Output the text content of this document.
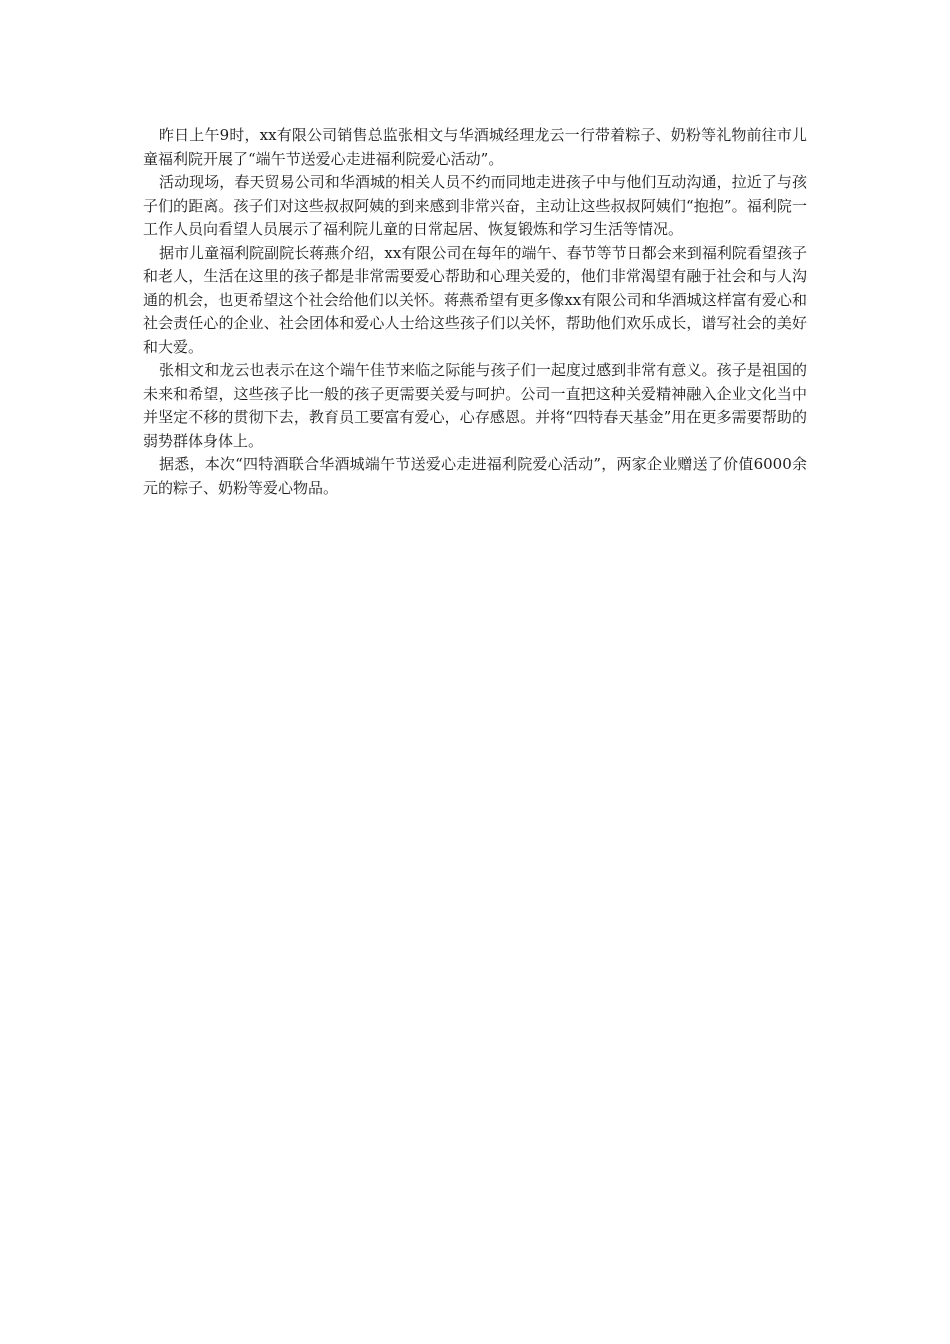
昨日上午9时，xx有限公司销售总监张相文与华酒城经理龙云一行带着粽子、奶粉等礼物前往市儿童福利院开展了“端午节送爱心走进福利院爱心活动”。

活动现场，春天贸易公司和华酒城的相关人员不约而同地走进孩子中与他们互动沟通，拉近了与孩子们的距离。孩子们对这些叔叔阿姨的到来感到非常兴奋，主动让这些叔叔阿姨们“抱抱”。福利院一工作人员向看望人员展示了福利院儿童的日常起居、恢复锻炼和学习生活等情况。

据市儿童福利院副院长蒋燕介绍，xx有限公司在每年的端午、春节等节日都会来到福利院看望孩子和老人，生活在这里的孩子都是非常需要爱心帮助和心理关爱的，他们非常渴望有融于社会和与人沟通的机会，也更希望这个社会给他们以关怀。蒋燕希望有更多像xx有限公司和华酒城这样富有爱心和社会责任心的企业、社会团体和爱心人士给这些孩子们以关怀，帮助他们欢乐成长，谱写社会的美好和大爱。

张相文和龙云也表示在这个端午佳节来临之际能与孩子们一起度过感到非常有意义。孩子是祖国的未来和希望，这些孩子比一般的孩子更需要关爱与呵护。公司一直把这种关爱精神融入企业文化当中并坚定不移的贯彻下去，教育员工要富有爱心，心存感恩。并将“四特春天基金”用在更多需要帮助的弱势群体身体上。

据悉，本次“四特酒联合华酒城端午节送爱心走进福利院爱心活动”，两家企业赠送了价值6000余元的粽子、奶粉等爱心物品。
